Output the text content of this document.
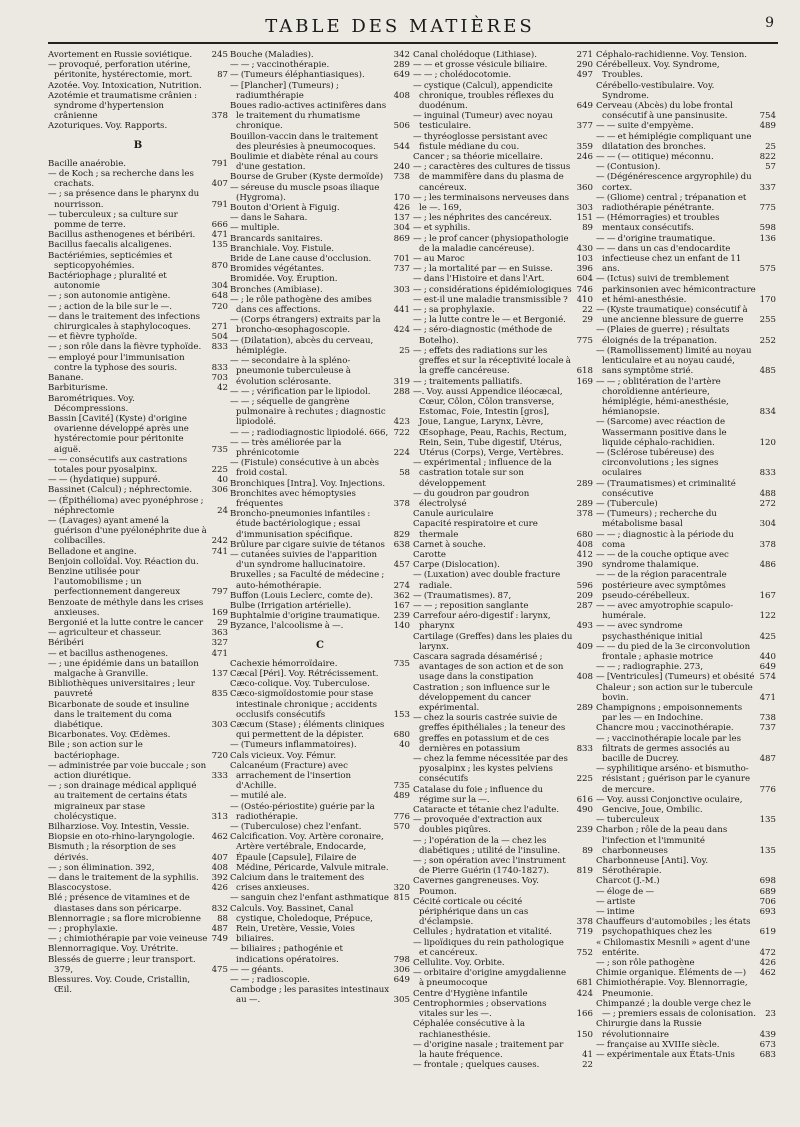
TABLE DES MATIÈRES	9
Avortement en Russie soviétique. 245
— provoqué, perforation utérine, péritonite, hystérectomie, mort.	87
Azotée. Voy. Intoxication, Nutrition.
Azotémie et traumatisme crânien : syndrome d'hypertension crânienne	378
Azoturiques. Voy. Rapports.
B
Bacille anaérobie.	791
— de Koch ; sa recherche dans les crachats.	407
— ; sa présence dans le pharynx du nourrisson.	791
— tuberculeux ; sa culture sur pomme de terre.	666
Bacillus asthenogenes et béribéri. 471
Bacillus faecalis alcaligenes.	135
Bactériémies, septicémies et septicopyohémies.	870
Bactériophage ; pluralité et autonomie	304
— ; son autonomie antigène.	648
— ; action de la bile sur le —.	720
— dans le traitement des infections chirurgicales à staphylocoques. 271
— et fièvre typhoïde.	504
— ; son rôle dans la fièvre typhoïde. 833
— employé pour l'immunisation contre la typhose des souris.	833
Banane.	703
Barbiturisme.	42
Barométriques. Voy. Décompressions.
Bassin [Cavité] (Kyste) d'origine ovarienne développé après une hystérectomie pour péritonite aiguë.	735
— — consécutifs aux castrations totales pour pyosalpinx.	225
— — (hydatique) suppuré.	40
Bassinet (Calcul) ; néphrectomie. 306
— (Épithélioma) avec pyonéphrose ; néphrectomie	24
— (Lavages) ayant amené la guérison d'une pyélonéphrite due à colibacilles.	242
Belladone et angine.	741
Benjoin colloïdal. Voy. Réaction du.
Benzine utilisée pour l'automobilisme ; un perfectionnement dangereux	797
Benzoate de méthyle dans les crises anxieuses.	169
Bergonié et la lutte contre le cancer 29
— agriculteur et chasseur.	363
Béribéri	327
— et bacillus asthenogenes.	471
— ; une épidémie dans un bataillon malgache à Granville.	137
Bibliothèques universitaires ; leur pauvreté	835
Bicarbonate de soude et insuline dans le traitement du coma diabétique.	303
Bicarbonates. Voy. Œdèmes.
Bile ; son action sur le bactériophage.	720
— administrée par voie buccale ; son action diurétique.	333
— ; son drainage médical appliqué au traitement de certains états migraineux par stase cholécystique.	313
Bilharziose. Voy. Intestin, Vessie.
Biopsie en oto-rhino-laryngologie. 462
Bismuth ; la résorption de ses dérivés.	407
— ; son élimination. 392,	408
— dans le traitement de la syphilis. 392
Blascocystose.	426
Blé ; présence de vitamines et de diastases dans son péricarpe.	832
Blennorragie ; sa flore microbienne 88
— ; prophylaxie.	487
— ; chimiothérapie par voie veineuse 749
Blennorragique. Voy. Urétrite.
Blessés de guerre ; leur transport. 379,	475
Blessures. Voy. Coude, Cristallin, Œil.
Bouche (Maladies).	342
— — ; vaccinothérapie.	289
— (Tumeurs éléphantiasiques).	649
— [Plancher] (Tumeurs) ; radiumthérapie	408
Boues radio-actives actinifères dans le traitement du rhumatisme chronique.	506
Bouillon-vaccin dans le traitement des pleurésies à pneumocoques. 544
Boulimie et diabète rénal au cours d'une gestation.	240
Bourse de Gruber (Kyste dermoïde) 738
— séreuse du muscle psoas iliaque (Hygroma).	170
Bouton d'Orient à Figuig.	426
— dans le Sahara.	137
— multiple.	304
Brancards sanitaires.	869
Branchiale. Voy. Fistule.
Bride de Lane cause d'occlusion.	701
Bromides végétantes.	737
Bromidée. Voy. Éruption.
Bronches (Amibiase).	303
— ; le rôle pathogène des amibes dans ces affections.	441
— (Corps étrangers) extraits par la broncho-œsophagoscopie.	424
— (Dilatation), abcès du cerveau, hémiplégie.	25
— — secondaire à la spléno-pneumonie tuberculeuse à évolution sclérosante.	319
— — ; vérification par le lipiodol.	288
— — ; séquelle de gangrène pulmonaire à rechutes ; diagnostic lipiodolé.	423
— — ; radiodiagnostic lipiodolé. 666, 722
— — très améliorée par la phrénicotomie	224
— (Fistule) consécutive à un abcès froid costal.	58
Bronchiques [Intra]. Voy. Injections.
Bronchites avec hémoptysies fréquentes	378
Broncho-pneumonies infantiles : étude bactériologique ; essai d'immunisation spécifique.	829
Brûlure par cigare suivie de tétanos 638
— cutanées suivies de l'apparition d'un syndrome hallucinatoire.	457
Bruxelles ; sa Faculté de médecine ; auto-hémothérapie.	274
Buffon (Louis Leclerc, comte de). 362
Bulbe (Irrigation artérielle).	167
Buphtalmie d'origine traumatique. 239
Byzance, l'alcoolisme à —.	140
C
Cachexie hémorroïdaire.	735
Cæcal [Péri]. Voy. Rétrécissement.
Cæco-colique. Voy. Tuberculose.
Cæco-sigmoïdostomie pour stase intestinale chronique ; accidents occlusifs consécutifs	153
Cæcum (Stase) ; éléments cliniques qui permettent de la dépister.	680
— (Tumeurs inflammatoires).	40
Cals vicieux. Voy. Fémur.
Calcanéum (Fracture) avec arrachement de l'insertion d'Achille.	735
— mutilé ale.	489
— (Ostéo-périostite) guérie par la radiothérapie.	776
— (Tuberculose) chez l'enfant.	570
Calcification. Voy. Artère coronaire, Artère vertébrale, Endocarde, Épaule [Capsule], Filaire de Médine, Péricarde, Valvule mitrale.
Calcium dans le traitement des crises anxieuses.	320
— sanguin chez l'enfant asthmatique 815
Calculs. Voy. Bassinet, Canal cystique, Choledoque, Prépuce, Rein, Uretère, Vessie, Voies biliaires.
— biliaires ; pathogénie et indications opératoires.	798
— — géants.	306
— — ; radioscopie.	649
Cambodge ; les parasites intestinaux au —.	305
Canal cholédoque (Lithiase).	271
— — et grosse vésicule biliaire.	290
— — ; cholédocotomie.	497
— cystique (Calcul), appendicite chronique, troubles réflexes du duodénum.	649
— inguinal (Tumeur) avec noyau testiculaire.	377
— thyréoglosse persistant avec fistule médiane du cou.	359
Cancer ; sa théorie micellaire.	246
— ; caractères des cultures de tissus de mammifère dans du plasma de cancéreux.	360
— ; les terminaisons nerveuses dans le —. 169,	303
— ; les néphrites des cancéreux.	151
— et syphilis.	89
— ; le prof cancer (physiopathologie de la maladie cancéreuse).	430
— au Maroc	103
— ; la mortalité par — en Suisse.	396
— dans l'Histoire et dans l'Art.	604
— ; considérations épidémiologiques 746
— est-il une maladie transmissible ? 410
— ; sa prophylaxie.	22
— ; la lutte contre le — et Bergonié. 29
— ; séro-diagnostic (méthode de Botelho).	775
— ; effets des radiations sur les greffes et sur la réceptivité locale à la greffe cancéreuse.	618
— ; traitements palliatifs.	169
—. Voy. aussi Appendice iléocæcal, Cœur, Côlon, Côlon transverse, Estomac, Foie, Intestin [gros], Joue, Langue, Larynx, Lèvre, Œsophage, Peau, Rachis, Rectum, Rein, Sein, Tube digestif, Utérus, Utérus (Corps), Verge, Vertèbres.
— expérimental ; influence de la castration totale sur son développement	289
— du goudron par goudron électrolysé	289
Canule auriculaire	378
Capacité respiratoire et cure thermale	680
Carnet à souche.	408
Carotte	412
Carpe (Dislocation).	390
— (Luxation) avec double fracture radiale.	596
— (Traumatismes). 87,	209
— — ; reposition sanglante	287
Carrefour aéro-digestif : larynx, pharynx	493
Cartilage (Greffes) dans les plaies du larynx.	409
Cascara sagrada désamérisé ; avantages de son action et de son usage dans la constipation	408
Castration ; son influence sur le développement du cancer expérimental.	289
— chez la souris castrée suivie de greffes épithéliales ; la teneur des greffes en potassium et de ces dernières en potassium	833
— chez la femme nécessitée par des pyosalpinx ; les kystes pelviens consécutifs	225
Catalase du foie ; influence du régime sur la —.	616
Cataracte et tétanie chez l'adulte. 490
— provoquée d'extraction aux doubles piqûres.	239
— ; l'opération de la — chez les diabétiques ; utilité de l'insuline.	89
— ; son opération avec l'instrument de Pierre Guérin (1740-1827).	819
Cavernes gangreneuses. Voy. Poumon.
Cécité corticale ou cécité périphérique dans un cas d'éclampsie.	378
Cellules ; hydratation et vitalité.	719
— lipoïdiques du rein pathologique et cancéreux.	752
Cellulite. Voy. Orbite.
— orbitaire d'origine amygdalienne à pneumocoque	681
Centre d'Hygiène infantile	424
Centrophormies ; observations vitales sur les —.	166
Céphalée consécutive à la rachianesthésie.	150
— d'origine nasale ; traitement par la haute fréquence.	41
— frontale ; quelques causes.	22
Céphalo-rachidienne. Voy. Tension.
Cérébelleux. Voy. Syndrome, Troubles.
Cérébello-vestibulaire. Voy. Syndrome.
Cerveau (Abcès) du lobe frontal consécutif à une pansinusite.	754
— — suite d'empyème.	489
— — et hémiplégie compliquant une dilatation des bronches.	25
— — (— otitique) méconnu.	822
— (Contusion).	57
— (Dégénérescence argyrophile) du cortex.	337
— (Gliome) central ; trépanation et radiothérapie pénétrante.	775
— (Hémorragies) et troubles mentaux consécutifs.	598
— — d'origine traumatique.	136
— — dans un cas d'endocardite infectieuse chez un enfant de 11 ans.	575
— (Ictus) suivi de tremblement parkinsonien avec hémicontracture et hémi-anesthésie.	170
— (Kyste traumatique) consécutif à une ancienne blessure de guerre 255
— (Plaies de guerre) ; résultats éloignés de la trépanation.	252
— (Ramollissement) limité au noyau lenticulaire et au noyau caudé, sans symptôme strié.	485
— — ; oblitération de l'artère choroïdienne antérieure, hémiplégie, hémi-anesthésie, hémianopsie.	834
— (Sarcome) avec réaction de Wassermann positive dans le liquide céphalo-rachidien.	120
— (Sclérose tubéreuse) des circonvolutions ; les signes oculaires	833
— (Traumatismes) et criminalité consécutive	488
— (Tubercule)	272
— (Tumeurs) ; recherche du métabolisme basal	304
— — ; diagnostic à la période du coma	378
— — de la couche optique avec syndrome thalamique.	486
— — de la région paracentrale postérieure avec symptômes pseudo-cérébelleux.	167
— — avec amyotrophie scapulo-humérale.	122
— — avec syndrome psychasthénique initial	425
— — du pied de la 3e circonvolution frontale ; aphasie motrice	440
— — ; radiographie. 273,	649
— [Ventricules] (Tumeurs) et obésité 574
Chaleur ; son action sur le tubercule bovin.	471
Champignons ; empoisonnements par les — en Indochine.	738
Chancre mou ; vaccinothérapie.	737
— ; vaccinothérapie locale par les filtrats de germes associés au bacille de Ducrey.	487
— syphilitique arséno- et bismutho-résistant ; guérison par le cyanure de mercure.	776
— Voy. aussi Conjonctive oculaire, Gencive, Joue, Ombilic.
— tuberculeux	135
Charbon ; rôle de la peau dans l'infection et l'immunité charbonneuses	135
Charbonneuse [Anti]. Voy. Sérothérapie.
Charcot (J.-M.)	698
— éloge de —	689
— artiste	706
— intime	693
Chauffeurs d'automobiles ; les états psychopathiques chez les	619
« Chilomastix Mesnili » agent d'une entérite.	472
— ; son rôle pathogène	426
Chimie organique. Éléments de —) 462
Chimiothérapie. Voy. Blennorragie, Pneumonie.
Chimpanzé ; la double verge chez le — ; premiers essais de colonisation. 23
Chirurgie dans la Russie révolutionnaire	439
— française au XVIIIe siècle.	673
— expérimentale aux États-Unis	683
